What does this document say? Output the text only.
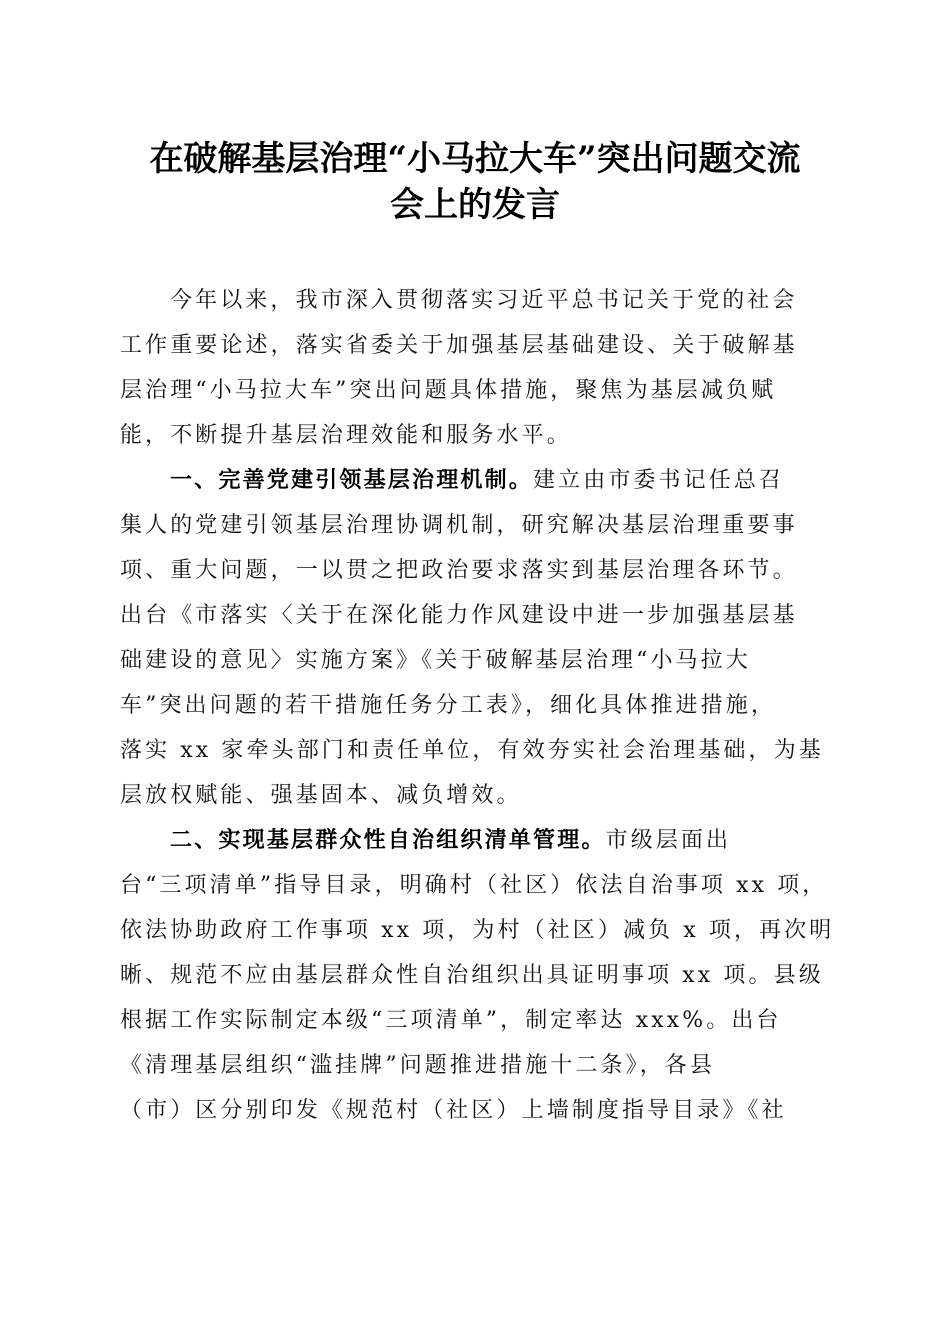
在破解基层治理“小马拉大车”突出问题交流
会上的发言
今年以来，我市深入贯彻落实习近平总书记关于党的社会
工作重要论述，落实省委关于加强基层基础建设、关于破解基
层治理“小马拉大车”突出问题具体措施，聚焦为基层减负赋
能，不断提升基层治理效能和服务水平。
一、完善党建引领基层治理机制。建立由市委书记任总召
集人的党建引领基层治理协调机制，研究解决基层治理重要事
项、重大问题，一以贯之把政治要求落实到基层治理各环节。
出台《市落实〈关于在深化能力作风建设中进一步加强基层基
础建设的意见〉实施方案》《关于破解基层治理“小马拉大
车”突出问题的若干措施任务分工表》，细化具体推进措施，
落实 xx 家牵头部门和责任单位，有效夯实社会治理基础，为基
层放权赋能、强基固本、减负增效。
二、实现基层群众性自治组织清单管理。市级层面出
台“三项清单”指导目录，明确村（社区）依法自治事项 xx 项，
依法协助政府工作事项 xx 项，为村（社区）减负 x 项，再次明
晰、规范不应由基层群众性自治组织出具证明事项 xx 项。县级
根据工作实际制定本级“三项清单”，制定率达 xxx%。出台
《清理基层组织“滥挂牌”问题推进措施十二条》，各县
（市）区分别印发《规范村（社区）上墙制度指导目录》《社
